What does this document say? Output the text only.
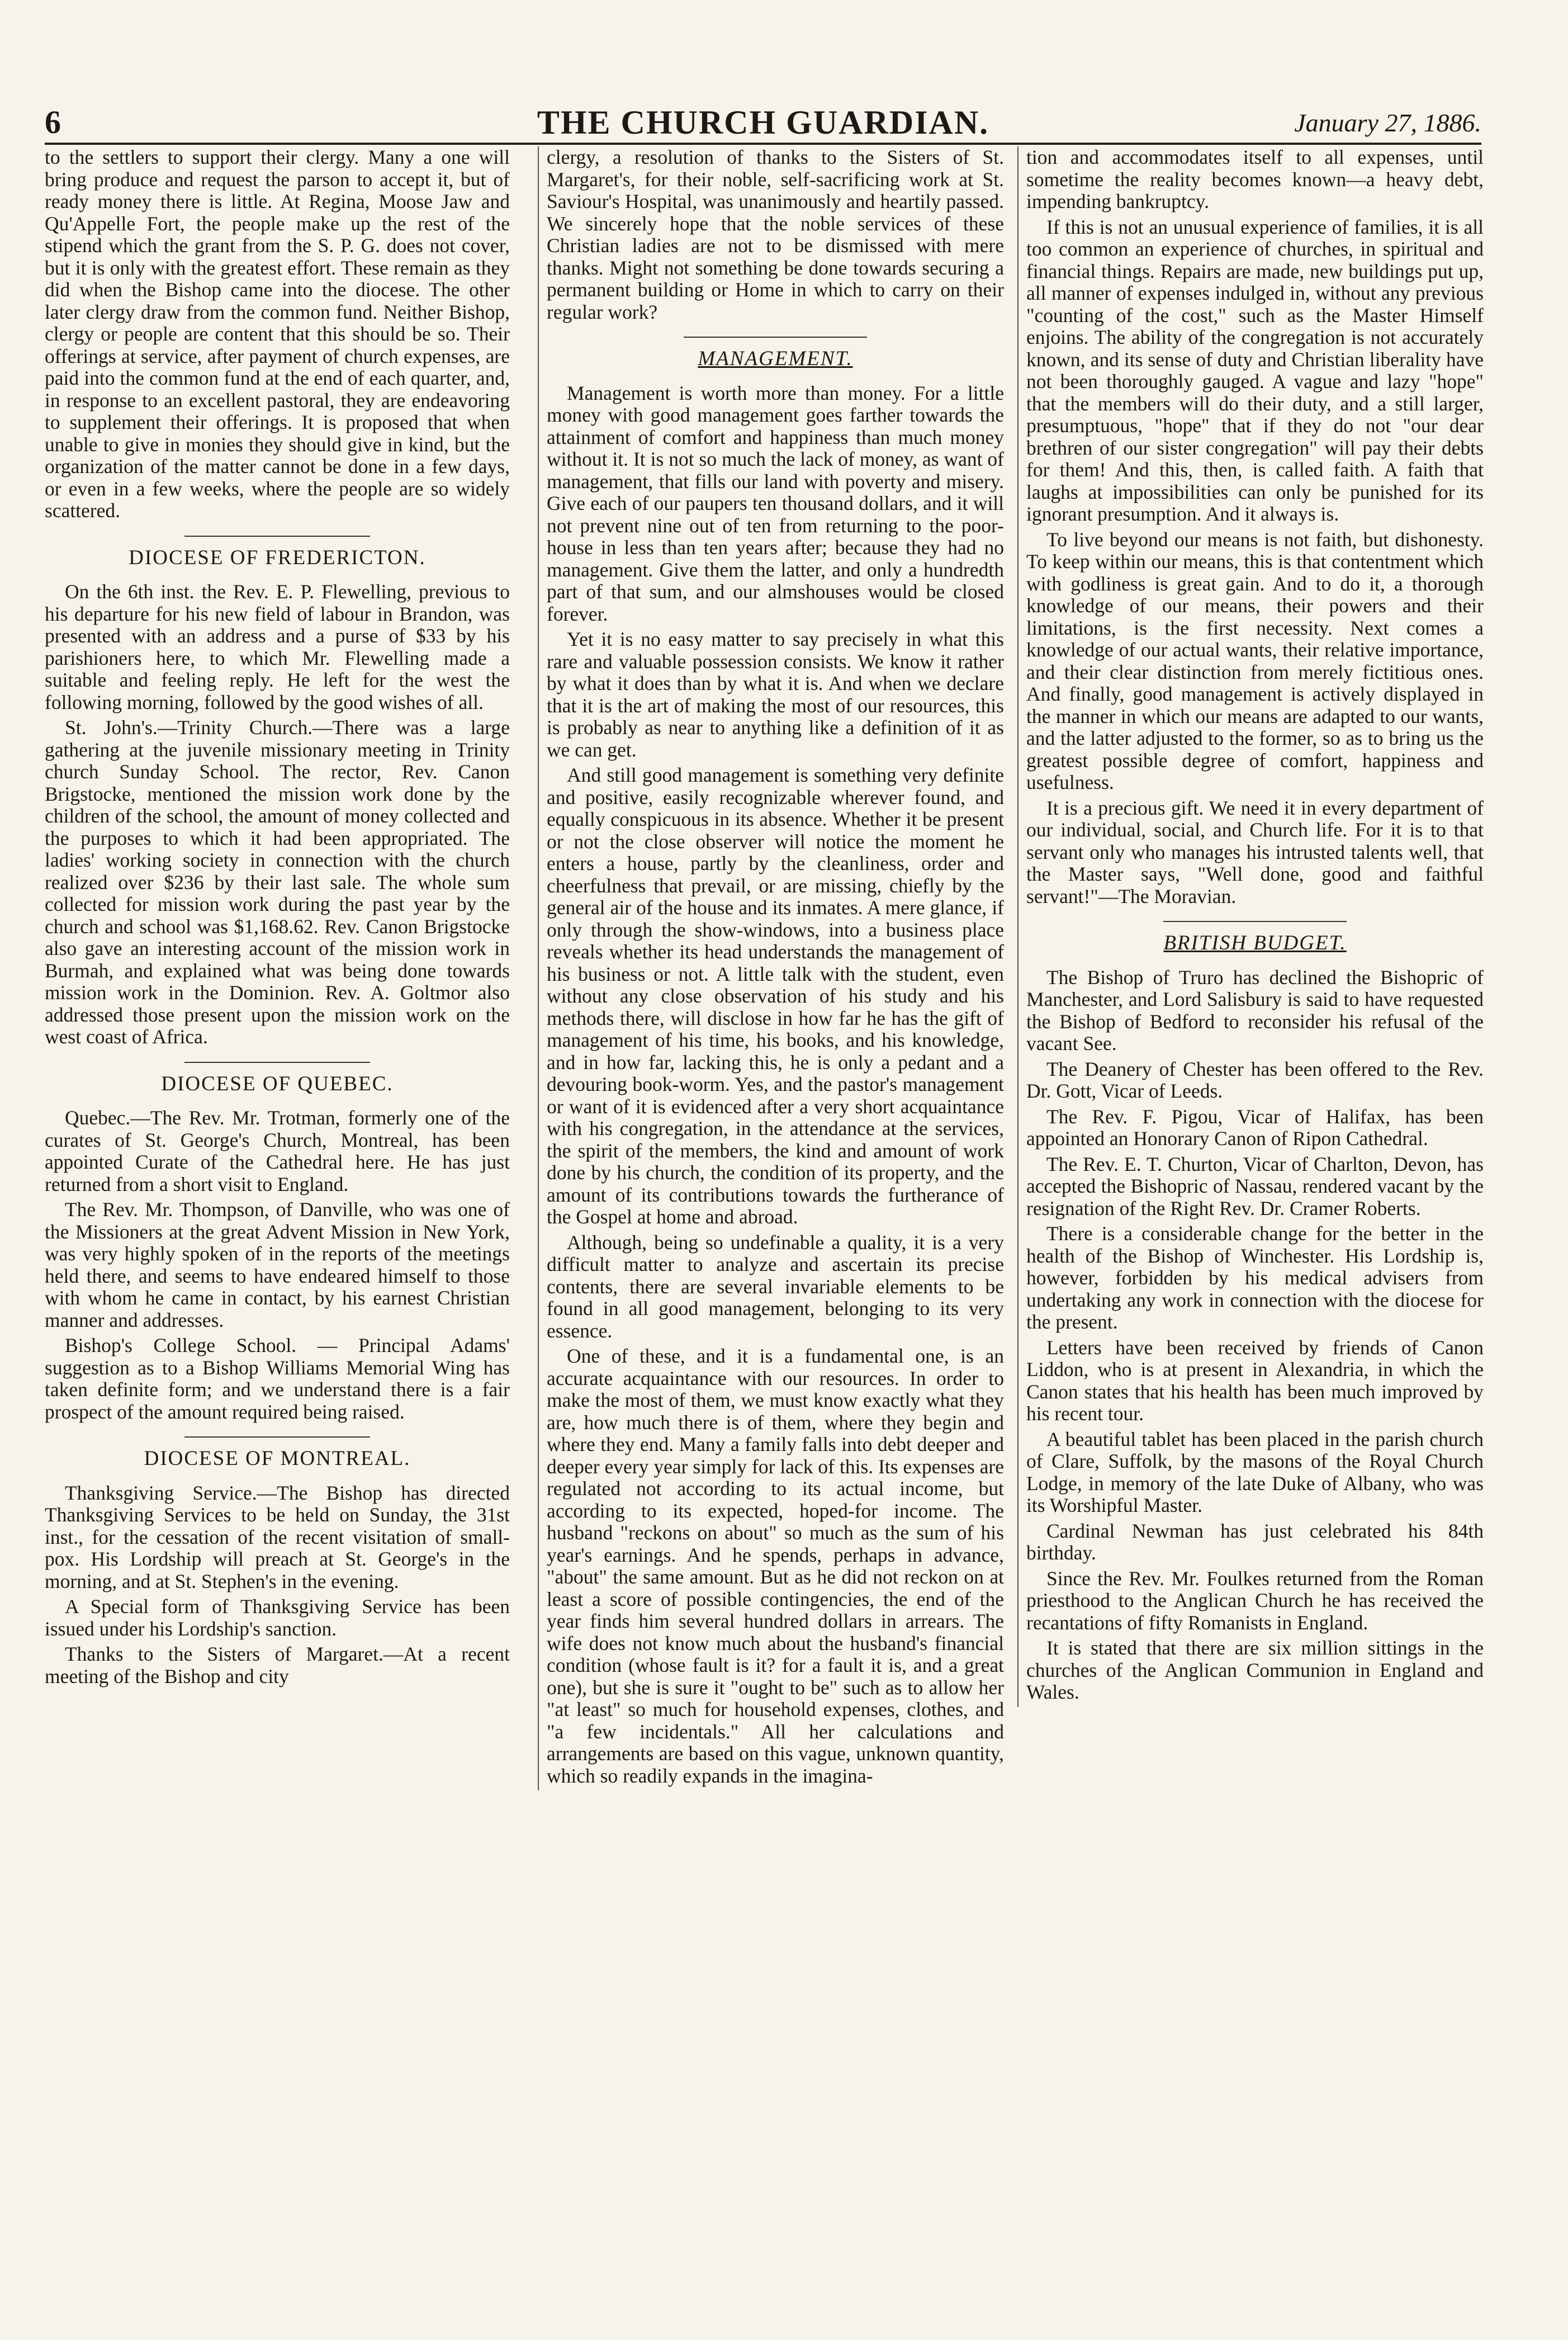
6	THE CHURCH GUARDIAN.	January 27, 1886.

to the settlers to support their clergy. Many a one will bring produce and request the parson to accept it, but of ready money there is little. At Regina, Moose Jaw and Qu'Appelle Fort, the people make up the rest of the stipend which the grant from the S. P. G. does not cover, but it is only with the greatest effort. These remain as they did when the Bishop came into the diocese. The other later clergy draw from the common fund. Neither Bishop, clergy or people are content that this should be so. Their offerings at service, after payment of church expenses, are paid into the common fund at the end of each quarter, and, in response to an excellent pastoral, they are endeavoring to supplement their offerings. It is proposed that when unable to give in monies they should give in kind, but the organization of the matter cannot be done in a few days, or even in a few weeks, where the people are so widely scattered.

DIOCESE OF FREDERICTON.

On the 6th inst. the Rev. E. P. Flewelling, previous to his departure for his new field of labour in Brandon, was presented with an address and a purse of $33 by his parishioners here, to which Mr. Flewelling made a suitable and feeling reply. He left for the west the following morning, followed by the good wishes of all.

St. John's.—Trinity Church.—There was a large gathering at the juvenile missionary meeting in Trinity church Sunday School. The rector, Rev. Canon Brigstocke, mentioned the mission work done by the children of the school, the amount of money collected and the purposes to which it had been appropriated. The ladies' working society in connection with the church realized over $236 by their last sale. The whole sum collected for mission work during the past year by the church and school was $1,168.62. Rev. Canon Brigstocke also gave an interesting account of the mission work in Burmah, and explained what was being done towards mission work in the Dominion. Rev. A. Goltmor also addressed those present upon the mission work on the west coast of Africa.

DIOCESE OF QUEBEC.

Quebec.—The Rev. Mr. Trotman, formerly one of the curates of St. George's Church, Montreal, has been appointed Curate of the Cathedral here. He has just returned from a short visit to England.

The Rev. Mr. Thompson, of Danville, who was one of the Missioners at the great Advent Mission in New York, was very highly spoken of in the reports of the meetings held there, and seems to have endeared himself to those with whom he came in contact, by his earnest Christian manner and addresses.

Bishop's College School. — Principal Adams' suggestion as to a Bishop Williams Memorial Wing has taken definite form; and we understand there is a fair prospect of the amount required being raised.

DIOCESE OF MONTREAL.

Thanksgiving Service.—The Bishop has directed Thanksgiving Services to be held on Sunday, the 31st inst., for the cessation of the recent visitation of small-pox. His Lordship will preach at St. George's in the morning, and at St. Stephen's in the evening.

A Special form of Thanksgiving Service has been issued under his Lordship's sanction.

Thanks to the Sisters of Margaret.—At a recent meeting of the Bishop and city

clergy, a resolution of thanks to the Sisters of St. Margaret's, for their noble, self-sacrificing work at St. Saviour's Hospital, was unanimously and heartily passed. We sincerely hope that the noble services of these Christian ladies are not to be dismissed with mere thanks. Might not something be done towards securing a permanent building or Home in which to carry on their regular work?

MANAGEMENT.

Management is worth more than money. For a little money with good management goes farther towards the attainment of comfort and happiness than much money without it. It is not so much the lack of money, as want of management, that fills our land with poverty and misery. Give each of our paupers ten thousand dollars, and it will not prevent nine out of ten from returning to the poor-house in less than ten years after; because they had no management. Give them the latter, and only a hundredth part of that sum, and our almshouses would be closed forever.

Yet it is no easy matter to say precisely in what this rare and valuable possession consists. We know it rather by what it does than by what it is. And when we declare that it is the art of making the most of our resources, this is probably as near to anything like a definition of it as we can get.

And still good management is something very definite and positive, easily recognizable wherever found, and equally conspicuous in its absence. Whether it be present or not the close observer will notice the moment he enters a house, partly by the cleanliness, order and cheerfulness that prevail, or are missing, chiefly by the general air of the house and its inmates. A mere glance, if only through the show-windows, into a business place reveals whether its head understands the management of his business or not. A little talk with the student, even without any close observation of his study and his methods there, will disclose in how far he has the gift of management of his time, his books, and his knowledge, and in how far, lacking this, he is only a pedant and a devouring book-worm. Yes, and the pastor's management or want of it is evidenced after a very short acquaintance with his congregation, in the attendance at the services, the spirit of the members, the kind and amount of work done by his church, the condition of its property, and the amount of its contributions towards the furtherance of the Gospel at home and abroad.

Although, being so undefinable a quality, it is a very difficult matter to analyze and ascertain its precise contents, there are several invariable elements to be found in all good management, belonging to its very essence.

One of these, and it is a fundamental one, is an accurate acquaintance with our resources. In order to make the most of them, we must know exactly what they are, how much there is of them, where they begin and where they end. Many a family falls into debt deeper and deeper every year simply for lack of this. Its expenses are regulated not according to its actual income, but according to its expected, hoped-for income. The husband "reckons on about" so much as the sum of his year's earnings. And he spends, perhaps in advance, "about" the same amount. But as he did not reckon on at least a score of possible contingencies, the end of the year finds him several hundred dollars in arrears. The wife does not know much about the husband's financial condition (whose fault is it? for a fault it is, and a great one), but she is sure it "ought to be" such as to allow her "at least" so much for household expenses, clothes, and "a few incidentals." All her calculations and arrangements are based on this vague, unknown quantity, which so readily expands in the imagina-

tion and accommodates itself to all expenses, until sometime the reality becomes known—a heavy debt, impending bankruptcy.

If this is not an unusual experience of families, it is all too common an experience of churches, in spiritual and financial things. Repairs are made, new buildings put up, all manner of expenses indulged in, without any previous "counting of the cost," such as the Master Himself enjoins. The ability of the congregation is not accurately known, and its sense of duty and Christian liberality have not been thoroughly gauged. A vague and lazy "hope" that the members will do their duty, and a still larger, presumptuous, "hope" that if they do not "our dear brethren of our sister congregation" will pay their debts for them! And this, then, is called faith. A faith that laughs at impossibilities can only be punished for its ignorant presumption. And it always is.

To live beyond our means is not faith, but dishonesty. To keep within our means, this is that contentment which with godliness is great gain. And to do it, a thorough knowledge of our means, their powers and their limitations, is the first necessity. Next comes a knowledge of our actual wants, their relative importance, and their clear distinction from merely fictitious ones. And finally, good management is actively displayed in the manner in which our means are adapted to our wants, and the latter adjusted to the former, so as to bring us the greatest possible degree of comfort, happiness and usefulness.

It is a precious gift. We need it in every department of our individual, social, and Church life. For it is to that servant only who manages his intrusted talents well, that the Master says, "Well done, good and faithful servant!"—The Moravian.

BRITISH BUDGET.

The Bishop of Truro has declined the Bishopric of Manchester, and Lord Salisbury is said to have requested the Bishop of Bedford to reconsider his refusal of the vacant See.

The Deanery of Chester has been offered to the Rev. Dr. Gott, Vicar of Leeds.

The Rev. F. Pigou, Vicar of Halifax, has been appointed an Honorary Canon of Ripon Cathedral.

The Rev. E. T. Churton, Vicar of Charlton, Devon, has accepted the Bishopric of Nassau, rendered vacant by the resignation of the Right Rev. Dr. Cramer Roberts.

There is a considerable change for the better in the health of the Bishop of Winchester. His Lordship is, however, forbidden by his medical advisers from undertaking any work in connection with the diocese for the present.

Letters have been received by friends of Canon Liddon, who is at present in Alexandria, in which the Canon states that his health has been much improved by his recent tour.

A beautiful tablet has been placed in the parish church of Clare, Suffolk, by the masons of the Royal Church Lodge, in memory of the late Duke of Albany, who was its Worshipful Master.

Cardinal Newman has just celebrated his 84th birthday.

Since the Rev. Mr. Foulkes returned from the Roman priesthood to the Anglican Church he has received the recantations of fifty Romanists in England.

It is stated that there are six million sittings in the churches of the Anglican Communion in England and Wales.
